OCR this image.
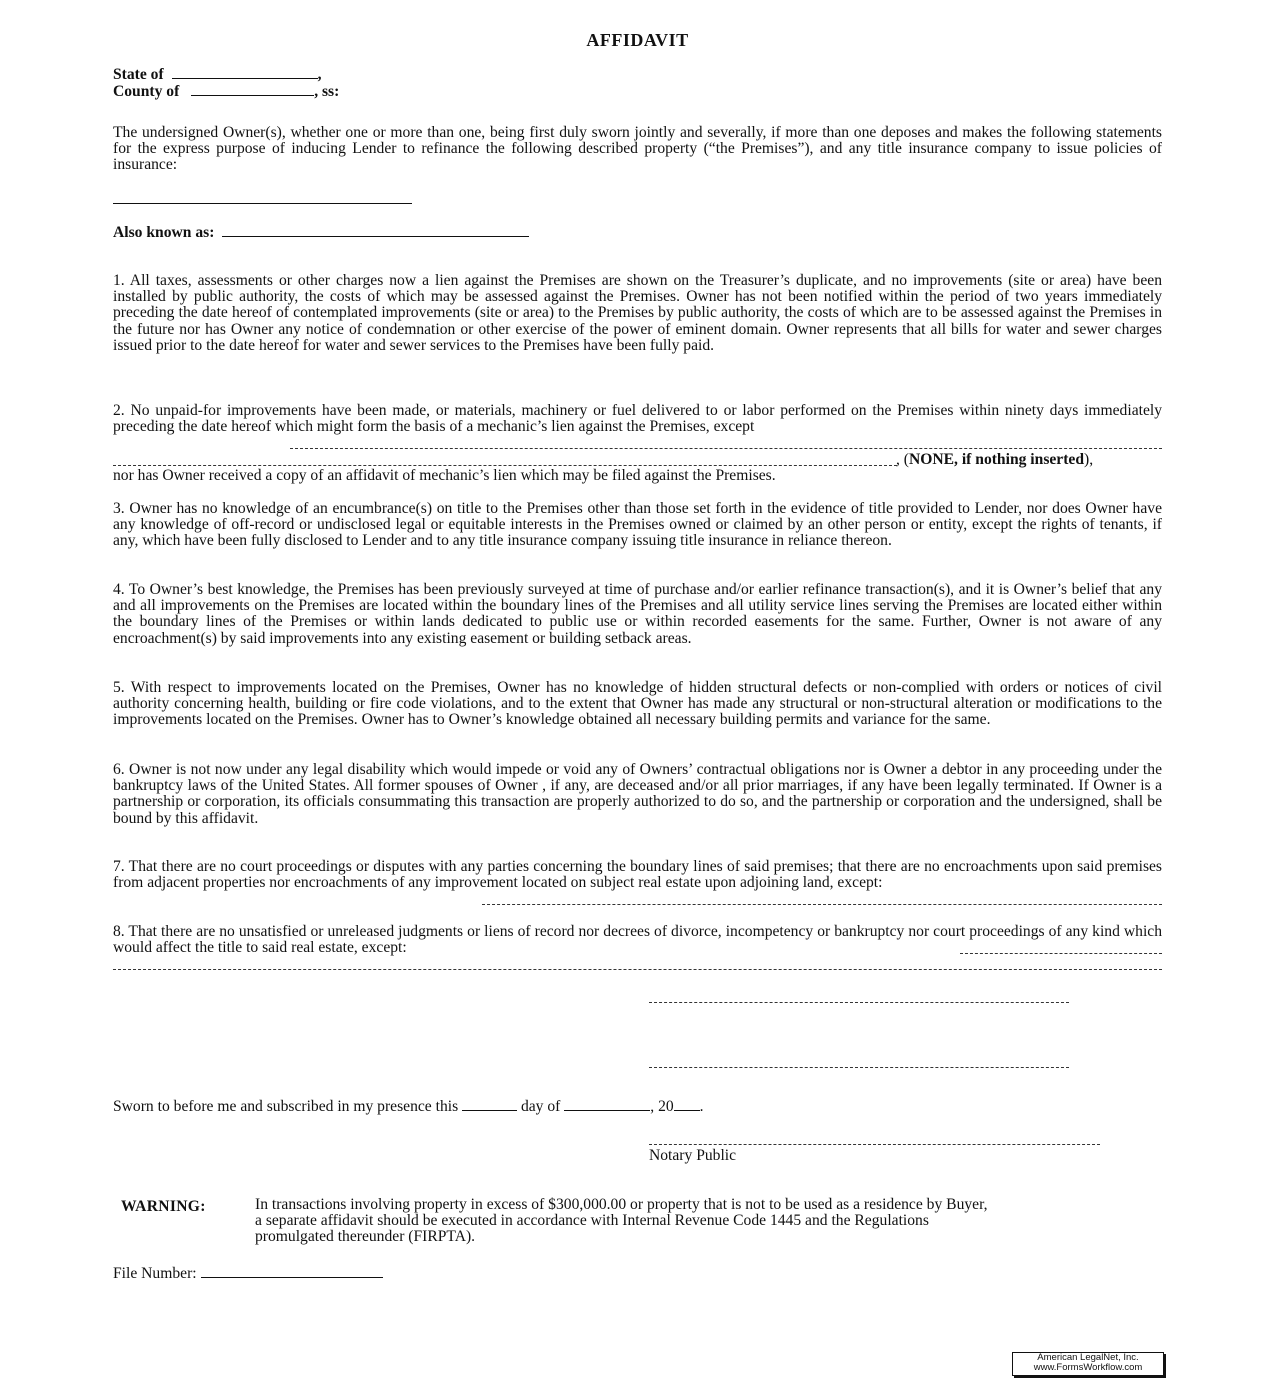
AFFIDAVIT
State of	,
County of	, ss:
The undersigned Owner(s), whether one or more than one, being first duly sworn jointly and severally, if more than one deposes and makes the following statements for the express purpose of inducing Lender to refinance the following described property (“the Premises”), and any title insurance company to issue policies of insurance:
Also known as:
1. All taxes, assessments or other charges now a lien against the Premises are shown on the Treasurer’s duplicate, and no improvements (site or area) have been installed by public authority, the costs of which may be assessed against the Premises. Owner has not been notified within the period of two years immediately preceding the date hereof of contemplated improvements (site or area) to the Premises by public authority, the costs of which are to be assessed against the Premises in the future nor has Owner any notice of condemnation or other exercise of the power of eminent domain. Owner represents that all bills for water and sewer charges issued prior to the date hereof for water and sewer services to the Premises have been fully paid.
2. No unpaid-for improvements have been made, or materials, machinery or fuel delivered to or labor performed on the Premises within ninety days immediately preceding the date hereof which might form the basis of a mechanic’s lien against the Premises, except
, (NONE, if nothing inserted),
nor has Owner received a copy of an affidavit of mechanic’s lien which may be filed against the Premises.
3. Owner has no knowledge of an encumbrance(s) on title to the Premises other than those set forth in the evidence of title provided to Lender, nor does Owner have any knowledge of off-record or undisclosed legal or equitable interests in the Premises owned or claimed by an other person or entity, except the rights of tenants, if any, which have been fully disclosed to Lender and to any title insurance company issuing title insurance in reliance thereon.
4. To Owner’s best knowledge, the Premises has been previously surveyed at time of purchase and/or earlier refinance transaction(s), and it is Owner’s belief that any and all improvements on the Premises are located within the boundary lines of the Premises and all utility service lines serving the Premises are located either within the boundary lines of the Premises or within lands dedicated to public use or within recorded easements for the same. Further, Owner is not aware of any encroachment(s) by said improvements into any existing easement or building setback areas.
5. With respect to improvements located on the Premises, Owner has no knowledge of hidden structural defects or non-complied with orders or notices of civil authority concerning health, building or fire code violations, and to the extent that Owner has made any structural or non-structural alteration or modifications to the improvements located on the Premises. Owner has to Owner’s knowledge obtained all necessary building permits and variance for the same.
6. Owner is not now under any legal disability which would impede or void any of Owners’ contractual obligations nor is Owner a debtor in any proceeding under the bankruptcy laws of the United States. All former spouses of Owner , if any, are deceased and/or all prior marriages, if any have been legally terminated. If Owner is a partnership or corporation, its officials consummating this transaction are properly authorized to do so, and the partnership or corporation and the undersigned, shall be bound by this affidavit.
7. That there are no court proceedings or disputes with any parties concerning the boundary lines of said premises; that there are no encroachments upon said premises from adjacent properties nor encroachments of any improvement located on subject real estate upon adjoining land, except:
8. That there are no unsatisfied or unreleased judgments or liens of record nor decrees of divorce, incompetency or bankruptcy nor court proceedings of any kind which would affect the title to said real estate, except:
Sworn to before me and subscribed in my presence this	day of	, 20 .
Notary Public
WARNING:	In transactions involving property in excess of $300,000.00 or property that is not to be used as a residence by Buyer, a separate affidavit should be executed in accordance with Internal Revenue Code 1445 and the Regulations promulgated thereunder (FIRPTA).
File Number:
American LegalNet, Inc.
www.FormsWorkflow.com
